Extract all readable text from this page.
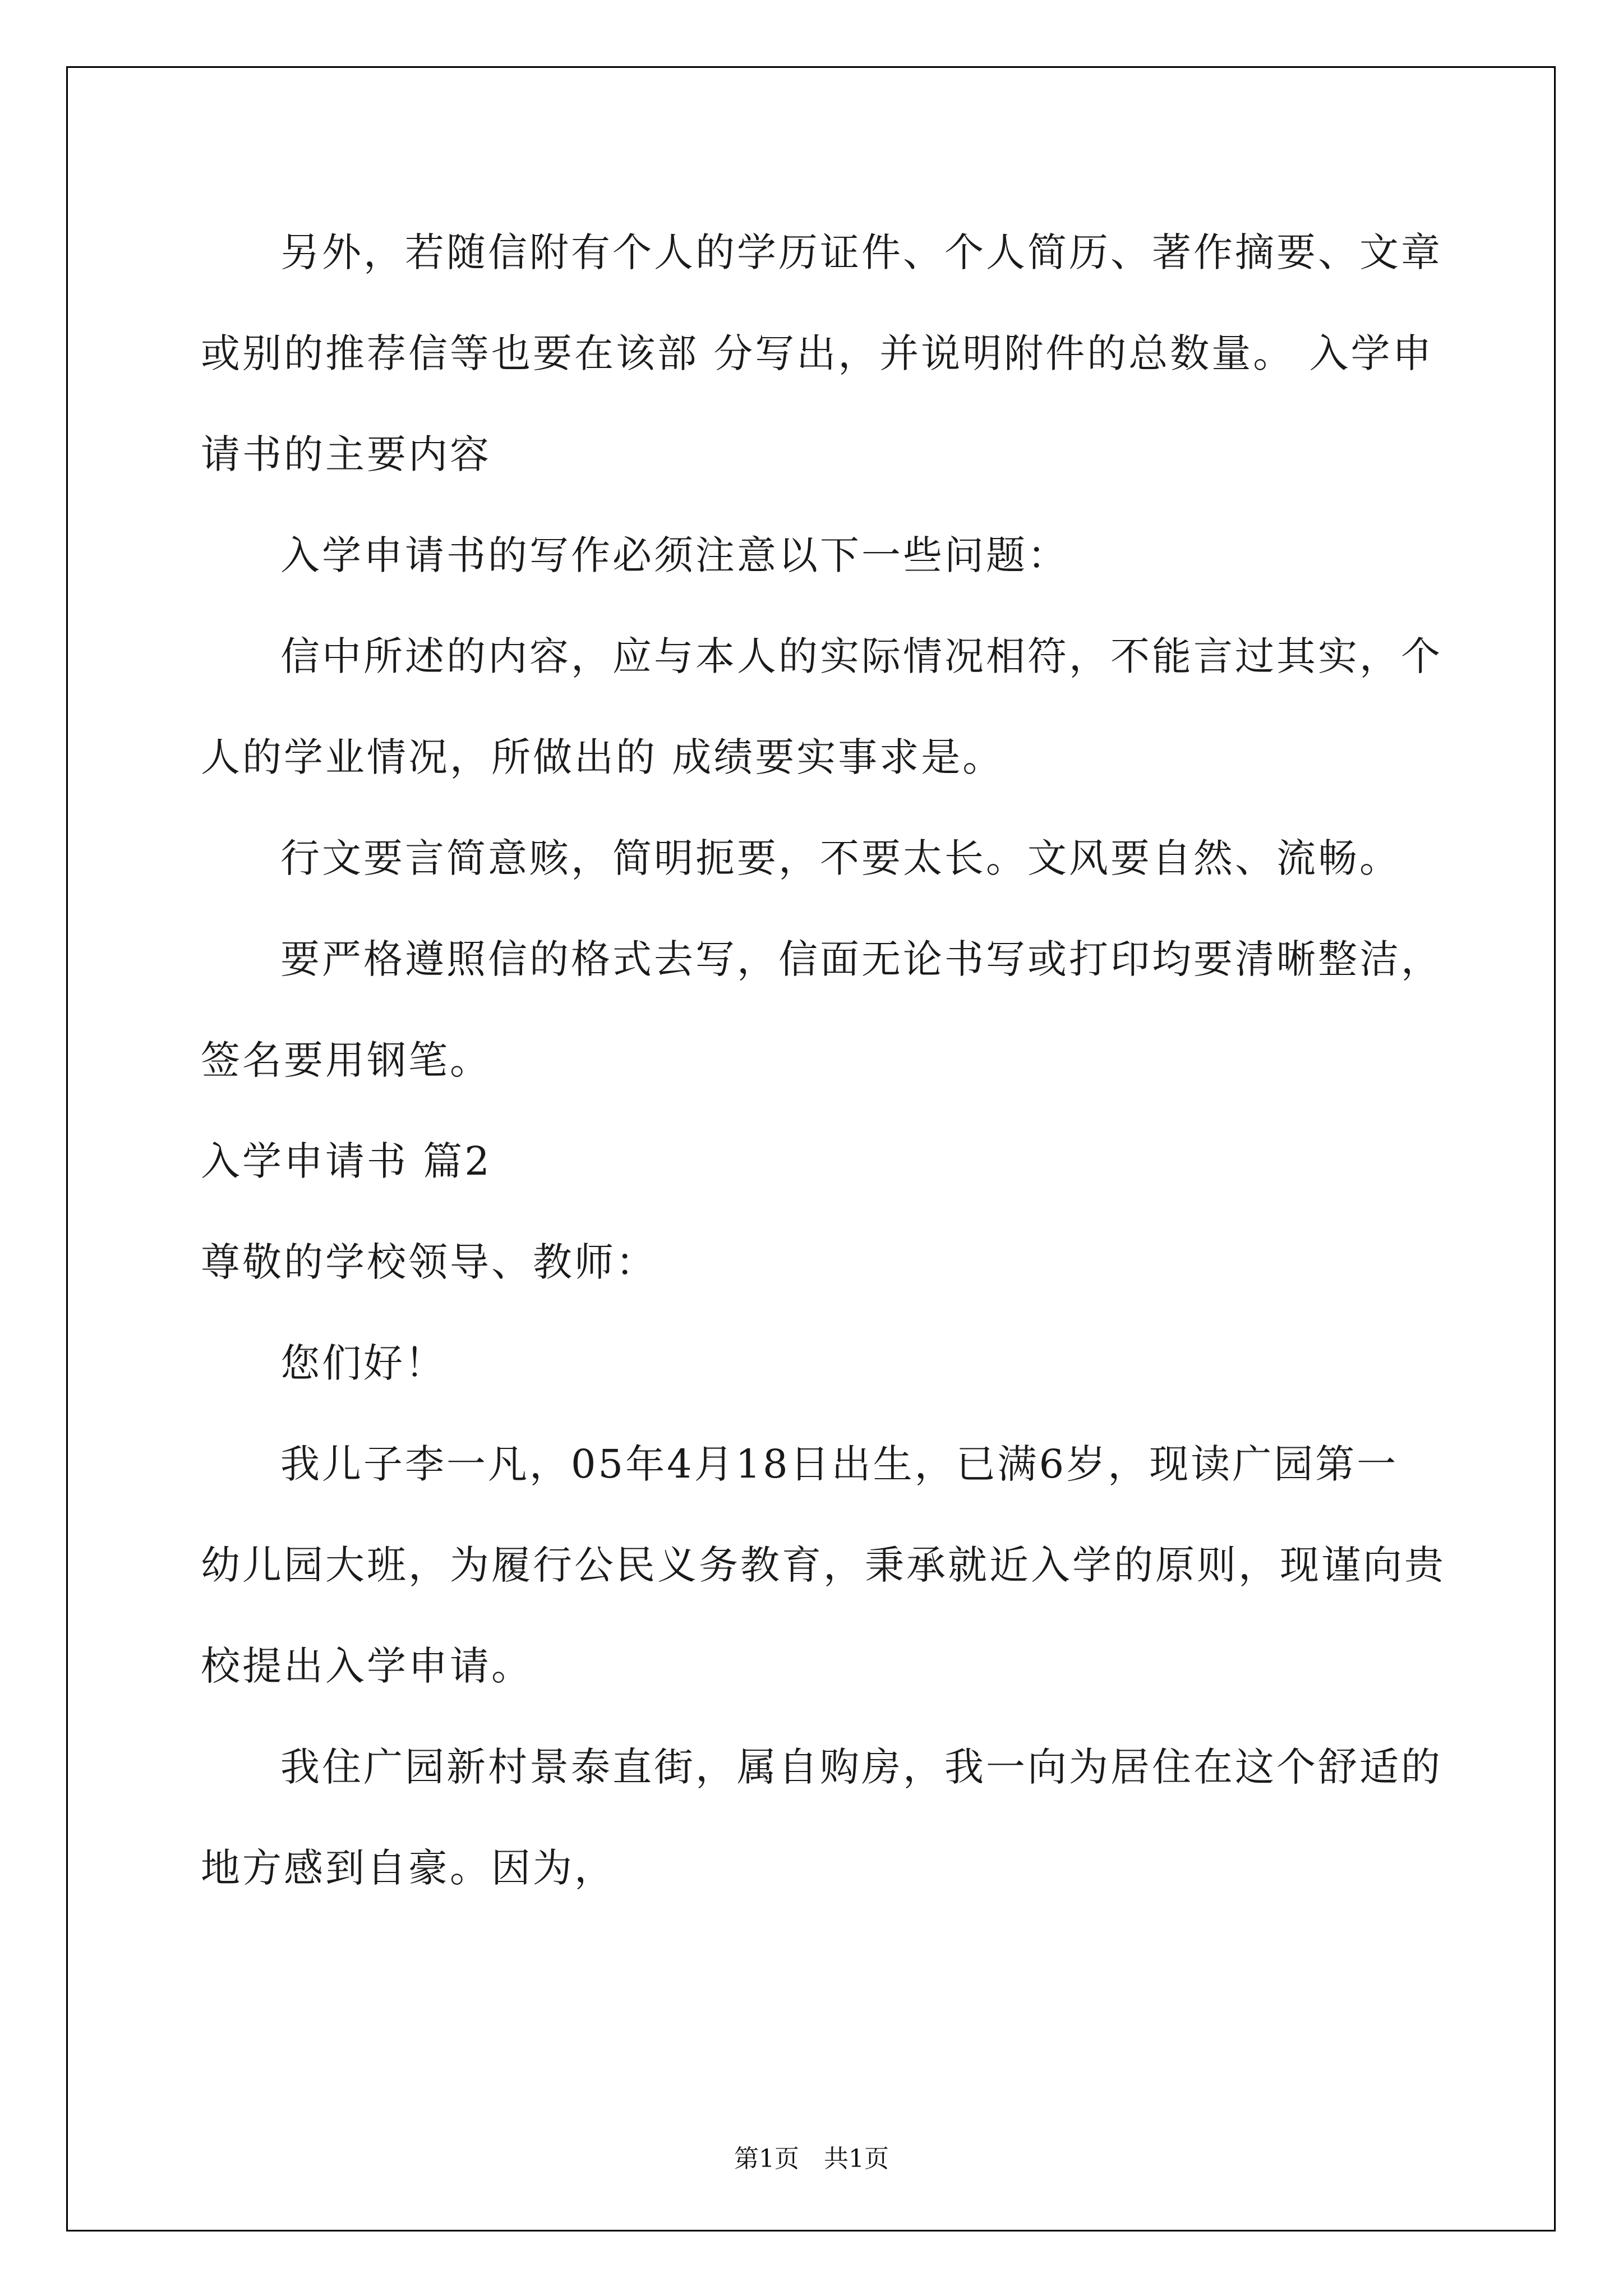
另外，若随信附有个人的学历证件、个人简历、著作摘要、文章
或别的推荐信等也要在该部 分写出，并说明附件的总数量。 入学申
请书的主要内容
入学申请书的写作必须注意以下一些问题：
信中所述的内容，应与本人的实际情况相符，不能言过其实，个
人的学业情况，所做出的 成绩要实事求是。
行文要言简意赅，简明扼要，不要太长。文风要自然、流畅。
要严格遵照信的格式去写，信面无论书写或打印均要清晰整洁，
签名要用钢笔。
入学申请书 篇2
尊敬的学校领导、教师：
您们好！
我儿子李一凡，05年4月18日出生，已满6岁，现读广园第一
幼儿园大班，为履行公民义务教育，秉承就近入学的原则，现谨向贵
校提出入学申请。
我住广园新村景泰直街，属自购房，我一向为居住在这个舒适的
地方感到自豪。因为，
第1页　共1页
